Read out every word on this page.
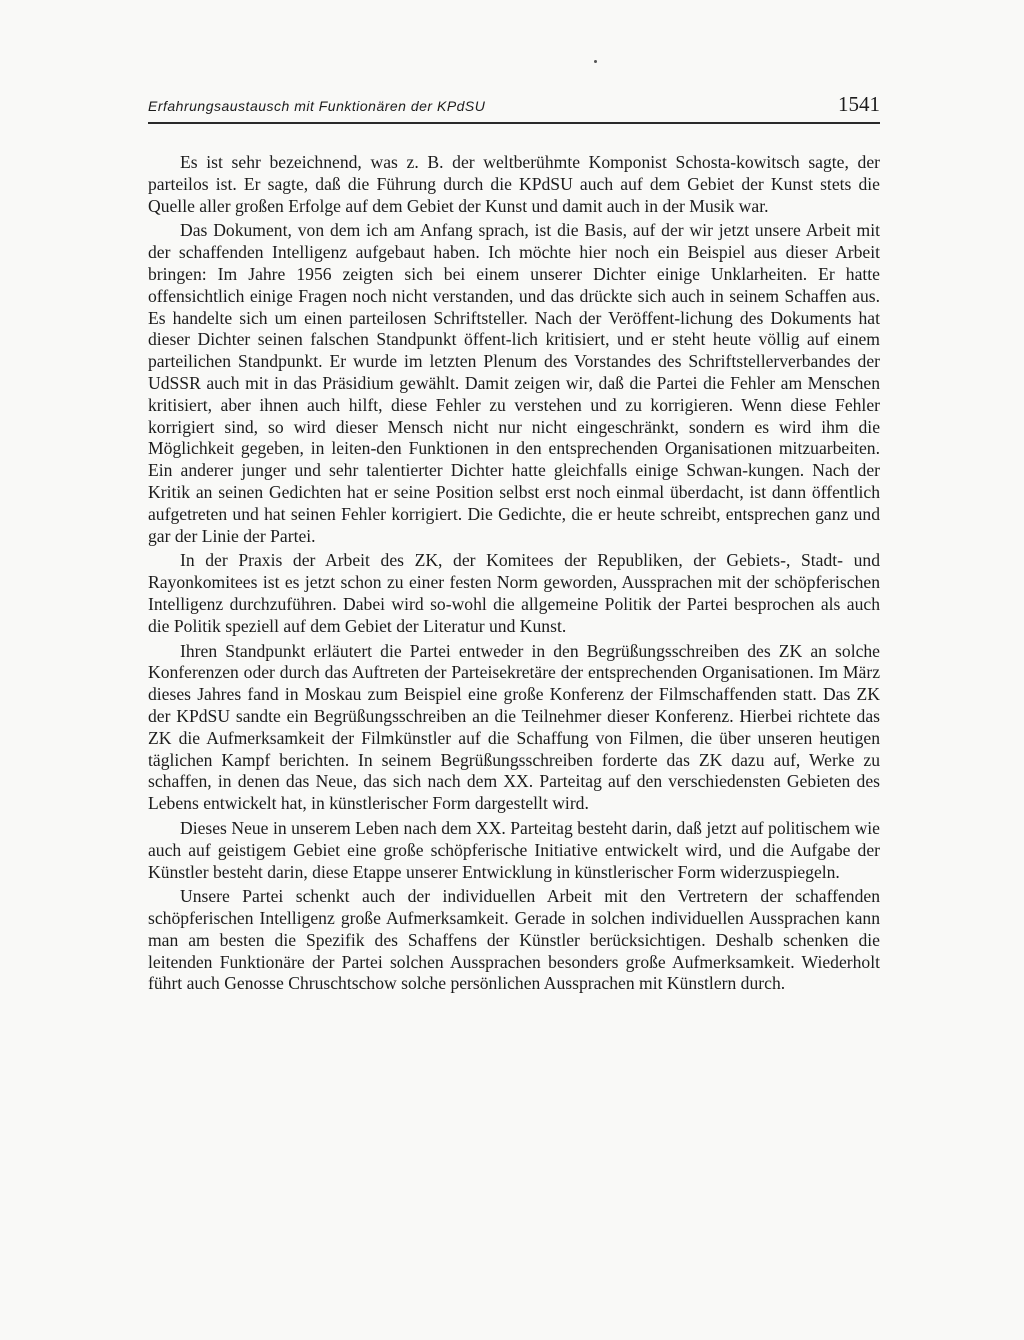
Erfahrungsaustausch mit Funktionären der KPdSU	1541

Es ist sehr bezeichnend, was z. B. der weltberühmte Komponist Schosta-kowitsch sagte, der parteilos ist. Er sagte, daß die Führung durch die KPdSU auch auf dem Gebiet der Kunst stets die Quelle aller großen Erfolge auf dem Gebiet der Kunst und damit auch in der Musik war.

Das Dokument, von dem ich am Anfang sprach, ist die Basis, auf der wir jetzt unsere Arbeit mit der schaffenden Intelligenz aufgebaut haben. Ich möchte hier noch ein Beispiel aus dieser Arbeit bringen: Im Jahre 1956 zeigten sich bei einem unserer Dichter einige Unklarheiten. Er hatte offensichtlich einige Fragen noch nicht verstanden, und das drückte sich auch in seinem Schaffen aus. Es handelte sich um einen parteilosen Schriftsteller. Nach der Veröffent-lichung des Dokuments hat dieser Dichter seinen falschen Standpunkt öffent-lich kritisiert, und er steht heute völlig auf einem parteilichen Standpunkt. Er wurde im letzten Plenum des Vorstandes des Schriftstellerverbandes der UdSSR auch mit in das Präsidium gewählt. Damit zeigen wir, daß die Partei die Fehler am Menschen kritisiert, aber ihnen auch hilft, diese Fehler zu verstehen und zu korrigieren. Wenn diese Fehler korrigiert sind, so wird dieser Mensch nicht nur nicht eingeschränkt, sondern es wird ihm die Möglichkeit gegeben, in leiten-den Funktionen in den entsprechenden Organisationen mitzuarbeiten. Ein anderer junger und sehr talentierter Dichter hatte gleichfalls einige Schwan-kungen. Nach der Kritik an seinen Gedichten hat er seine Position selbst erst noch einmal überdacht, ist dann öffentlich aufgetreten und hat seinen Fehler korrigiert. Die Gedichte, die er heute schreibt, entsprechen ganz und gar der Linie der Partei.

In der Praxis der Arbeit des ZK, der Komitees der Republiken, der Gebiets-, Stadt- und Rayonkomitees ist es jetzt schon zu einer festen Norm geworden, Aussprachen mit der schöpferischen Intelligenz durchzuführen. Dabei wird so-wohl die allgemeine Politik der Partei besprochen als auch die Politik speziell auf dem Gebiet der Literatur und Kunst.

Ihren Standpunkt erläutert die Partei entweder in den Begrüßungsschreiben des ZK an solche Konferenzen oder durch das Auftreten der Parteisekretäre der entsprechenden Organisationen. Im März dieses Jahres fand in Moskau zum Beispiel eine große Konferenz der Filmschaffenden statt. Das ZK der KPdSU sandte ein Begrüßungsschreiben an die Teilnehmer dieser Konferenz. Hierbei richtete das ZK die Aufmerksamkeit der Filmkünstler auf die Schaffung von Filmen, die über unseren heutigen täglichen Kampf berichten. In seinem Begrüßungsschreiben forderte das ZK dazu auf, Werke zu schaffen, in denen das Neue, das sich nach dem XX. Parteitag auf den verschiedensten Gebieten des Lebens entwickelt hat, in künstlerischer Form dargestellt wird.

Dieses Neue in unserem Leben nach dem XX. Parteitag besteht darin, daß jetzt auf politischem wie auch auf geistigem Gebiet eine große schöpferische Initiative entwickelt wird, und die Aufgabe der Künstler besteht darin, diese Etappe unserer Entwicklung in künstlerischer Form widerzuspiegeln.

Unsere Partei schenkt auch der individuellen Arbeit mit den Vertretern der schaffenden schöpferischen Intelligenz große Aufmerksamkeit. Gerade in solchen individuellen Aussprachen kann man am besten die Spezifik des Schaffens der Künstler berücksichtigen. Deshalb schenken die leitenden Funktionäre der Partei solchen Aussprachen besonders große Aufmerksamkeit. Wiederholt führt auch Genosse Chruschtschow solche persönlichen Aussprachen mit Künstlern durch.
